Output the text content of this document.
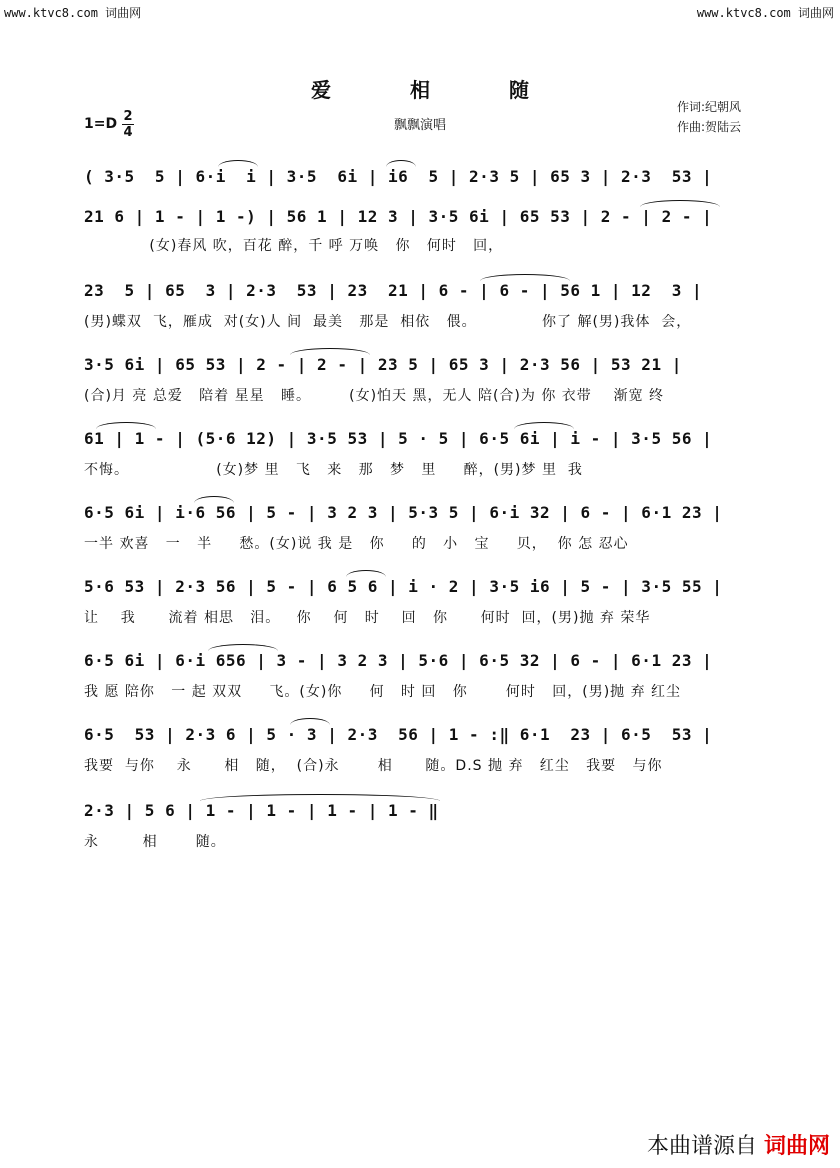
www.ktvc8.com 词曲网	www.ktvc8.com 词曲网
爱 相 随
飘飘演唱
作词:纪朝风
作曲:贺陆云
1=D 2
4
( 3·5  5 | 6·i  i | 3·5  6i | i6  5 | 2·3 5 | 65 3 | 2·3  53 |
21 6 | 1 - | 1 -) | 56 1 | 12 3 | 3·5 6i | 65 53 | 2 - | 2 - |
(女)春风 吹，百花 醉，千 呼 万唤   你   何时   回，
23  5 | 65  3 | 2·3  53 | 23  21 | 6 - | 6 - | 56 1 | 12  3 |
(男)蝶双  飞，雁成  对(女)人 间  最美   那是  相依   偎。            你了 解(男)我体  会，
3·5 6i | 65 53 | 2 - | 2 - | 23 5 | 65 3 | 2·3 56 | 53 21 |
(合)月 亮 总爱   陪着 星星   睡。       (女)怕天 黑，无人 陪(合)为 你 衣带    渐宽 终
61 | 1 - | (5·6 12) | 3·5 53 | 5 · 5 | 6·5 6i | i - | 3·5 56 |
不悔。                (女)梦 里   飞   来   那   梦   里     醉，(男)梦 里  我
6·5 6i | i·6 56 | 5 - | 3 2 3 | 5·3 5 | 6·i 32 | 6 - | 6·1 23 |
一半 欢喜   一   半     愁。(女)说 我 是   你     的   小   宝     贝，  你 怎 忍心
5·6 53 | 2·3 56 | 5 - | 6 5 6 | i · 2 | 3·5 i6 | 5 - | 3·5 55 |
让    我      流着 相思   泪。   你    何   时    回   你      何时  回，(男)抛 弃 荣华
6·5 6i | 6·i 656 | 3 - | 3 2 3 | 5·6 | 6·5 32 | 6 - | 6·1 23 |
我 愿 陪你   一 起 双双     飞。(女)你     何   时 回   你       何时   回，(男)抛 弃 红尘
6·5  53 | 2·3 6 | 5 · 3 | 2·3  56 | 1 - :‖ 6·1  23 | 6·5  53 |
我要  与你    永      相   随，  (合)永       相      随。D.S 抛 弃   红尘   我要   与你
2·3 | 5 6 | 1 - | 1 - | 1 - | 1 - ‖
永        相       随。
本曲谱源自 词曲网
